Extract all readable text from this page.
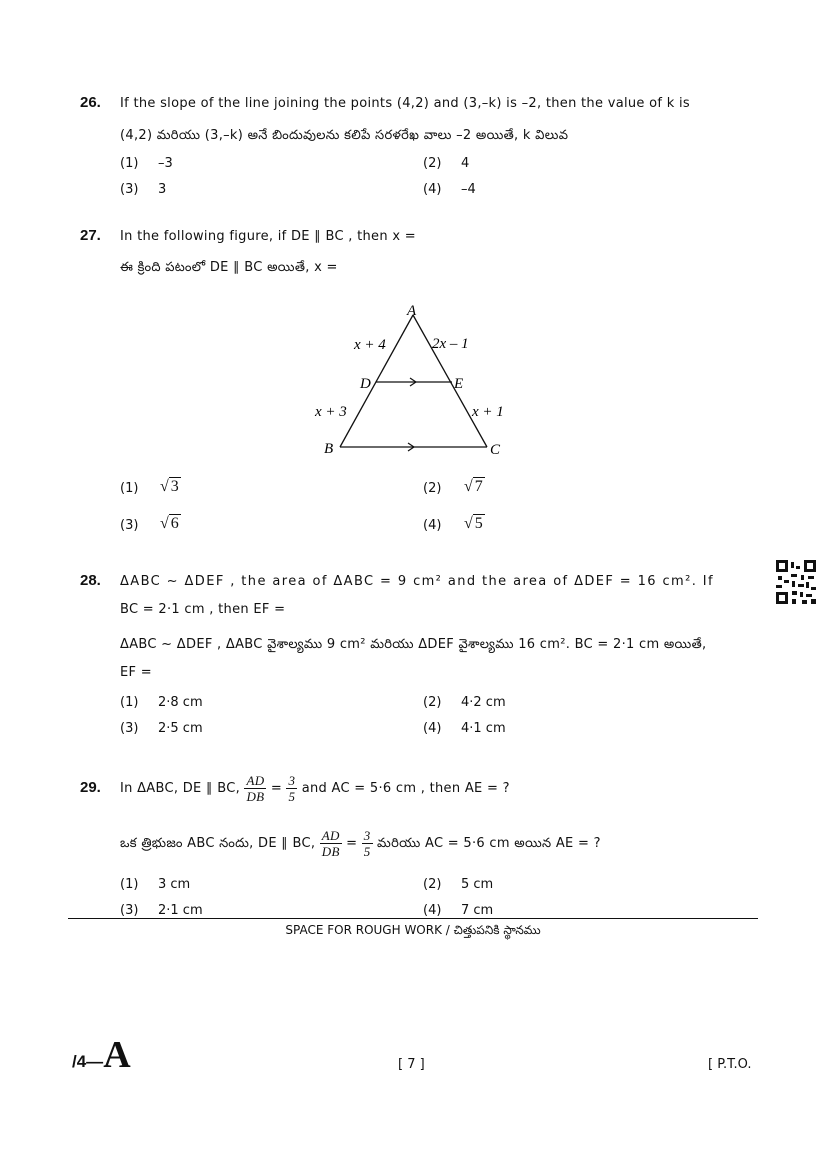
26. If the slope of the line joining the points (4,2) and (3,–k) is –2, then the value of k is
(4,2) మరియు (3,–k) అనే బిందువులను కలిపే సరళరేఖ వాలు –2 అయితే, k విలువ
(1) –3	(2) 4
(3) 3	(4) –4
27. In the following figure, if DE ∥ BC , then x =
ఈ క్రింది పటంలో DE ∥ BC అయితే, x =
A
D	E
B	C
x + 4	2x – 1
x + 3	x + 1
(1) √ 3	(2) √ 7
(3) √ 6	(4) √ 5
28. ΔABC ~ ΔDEF , the area of ΔABC = 9 cm² and the area of ΔDEF = 16 cm². If
BC = 2·1 cm , then EF =
ΔABC ~ ΔDEF , ΔABC వైశాల్యము 9 cm² మరియు ΔDEF వైశాల్యము 16 cm². BC = 2·1 cm అయితే,
EF =
(1) 2·8 cm	(2) 4·2 cm
(3) 2·5 cm	(4) 4·1 cm
29. In ΔABC, DE ∥ BC, $\frac{AD}{DB} = \frac{3}{5}$ and AC = 5·6 cm , then AE = ?
ఒక త్రిభుజం ABC నందు, DE ∥ BC, $\frac{AD}{DB} = \frac{3}{5}$ మరియు AC = 5·6 cm అయిన AE = ?
(1) 3 cm	(2) 5 cm
(3) 2·1 cm	(4) 7 cm
SPACE FOR ROUGH WORK / చిత్తుపనికి స్థానము
/4—A	[ 7 ]	[ P.T.O.
